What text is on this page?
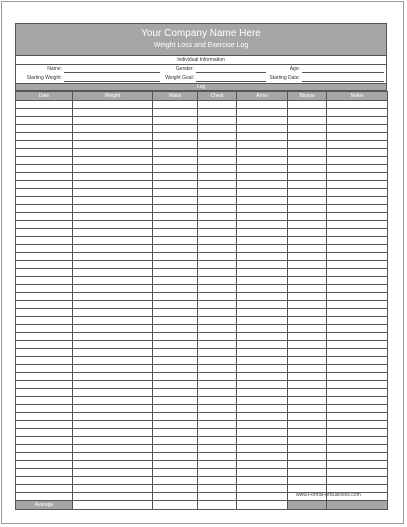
Your Company Name Here
Weight Loss and Exercise Log
Individual Information
Name:	Gender:	Age:
Starting Weight:	Weight Goal:	Starting Date:
Log
Date	Weight	Waist	Chest	Arms	Biceps	Notes

Average						
www.FormsForBusiness.com
